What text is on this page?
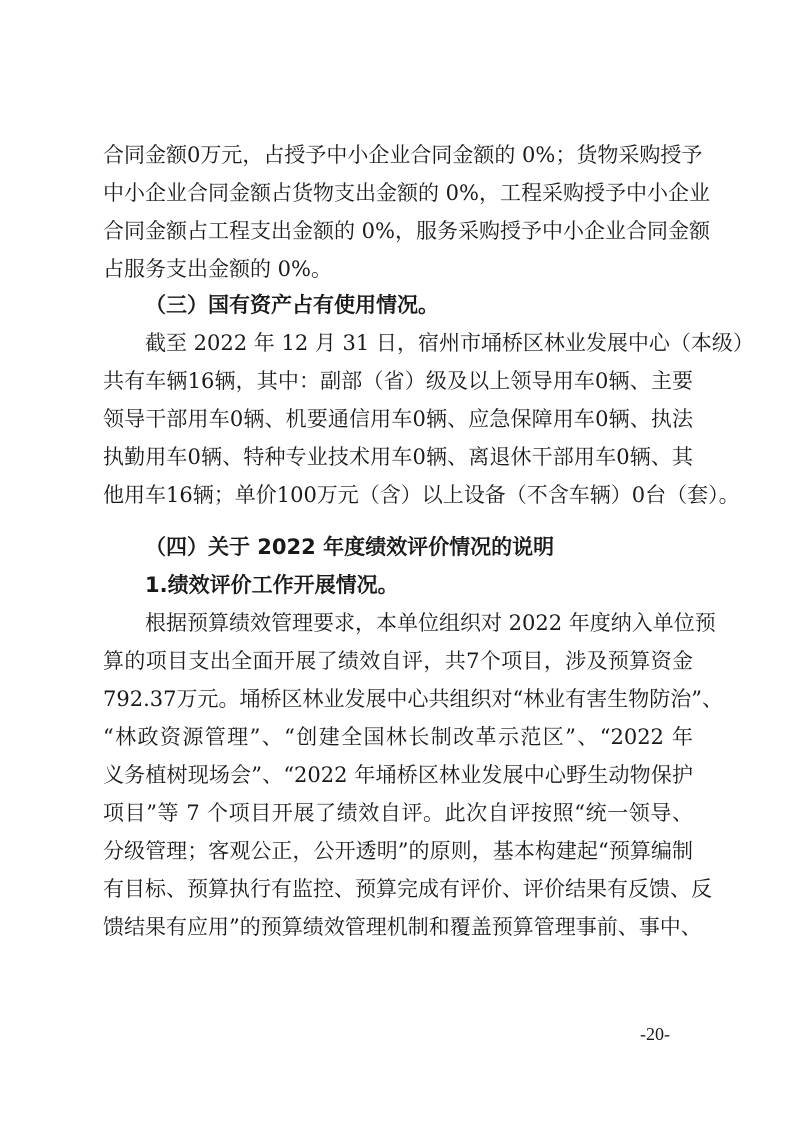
合同金额0万元，占授予中小企业合同金额的 0%；货物采购授予
中小企业合同金额占货物支出金额的 0%，工程采购授予中小企业
合同金额占工程支出金额的 0%，服务采购授予中小企业合同金额
占服务支出金额的 0%。
（三）国有资产占有使用情况。
截至 2022 年 12 月 31 日，宿州市埇桥区林业发展中心（本级）
共有车辆16辆，其中：副部（省）级及以上领导用车0辆、主要
领导干部用车0辆、机要通信用车0辆、应急保障用车0辆、执法
执勤用车0辆、特种专业技术用车0辆、离退休干部用车0辆、其
他用车16辆；单价100万元（含）以上设备（不含车辆）0台（套）。
（四）关于 2022 年度绩效评价情况的说明
1.绩效评价工作开展情况。
根据预算绩效管理要求，本单位组织对 2022 年度纳入单位预
算的项目支出全面开展了绩效自评，共7个项目，涉及预算资金
792.37万元。埇桥区林业发展中心共组织对“林业有害生物防治”、
“林政资源管理”、“创建全国林长制改革示范区”、“2022 年
义务植树现场会”、“2022 年埇桥区林业发展中心野生动物保护
项目”等 7 个项目开展了绩效自评。此次自评按照“统一领导、
分级管理；客观公正，公开透明”的原则，基本构建起“预算编制
有目标、预算执行有监控、预算完成有评价、评价结果有反馈、反
馈结果有应用”的预算绩效管理机制和覆盖预算管理事前、事中、
-20-
